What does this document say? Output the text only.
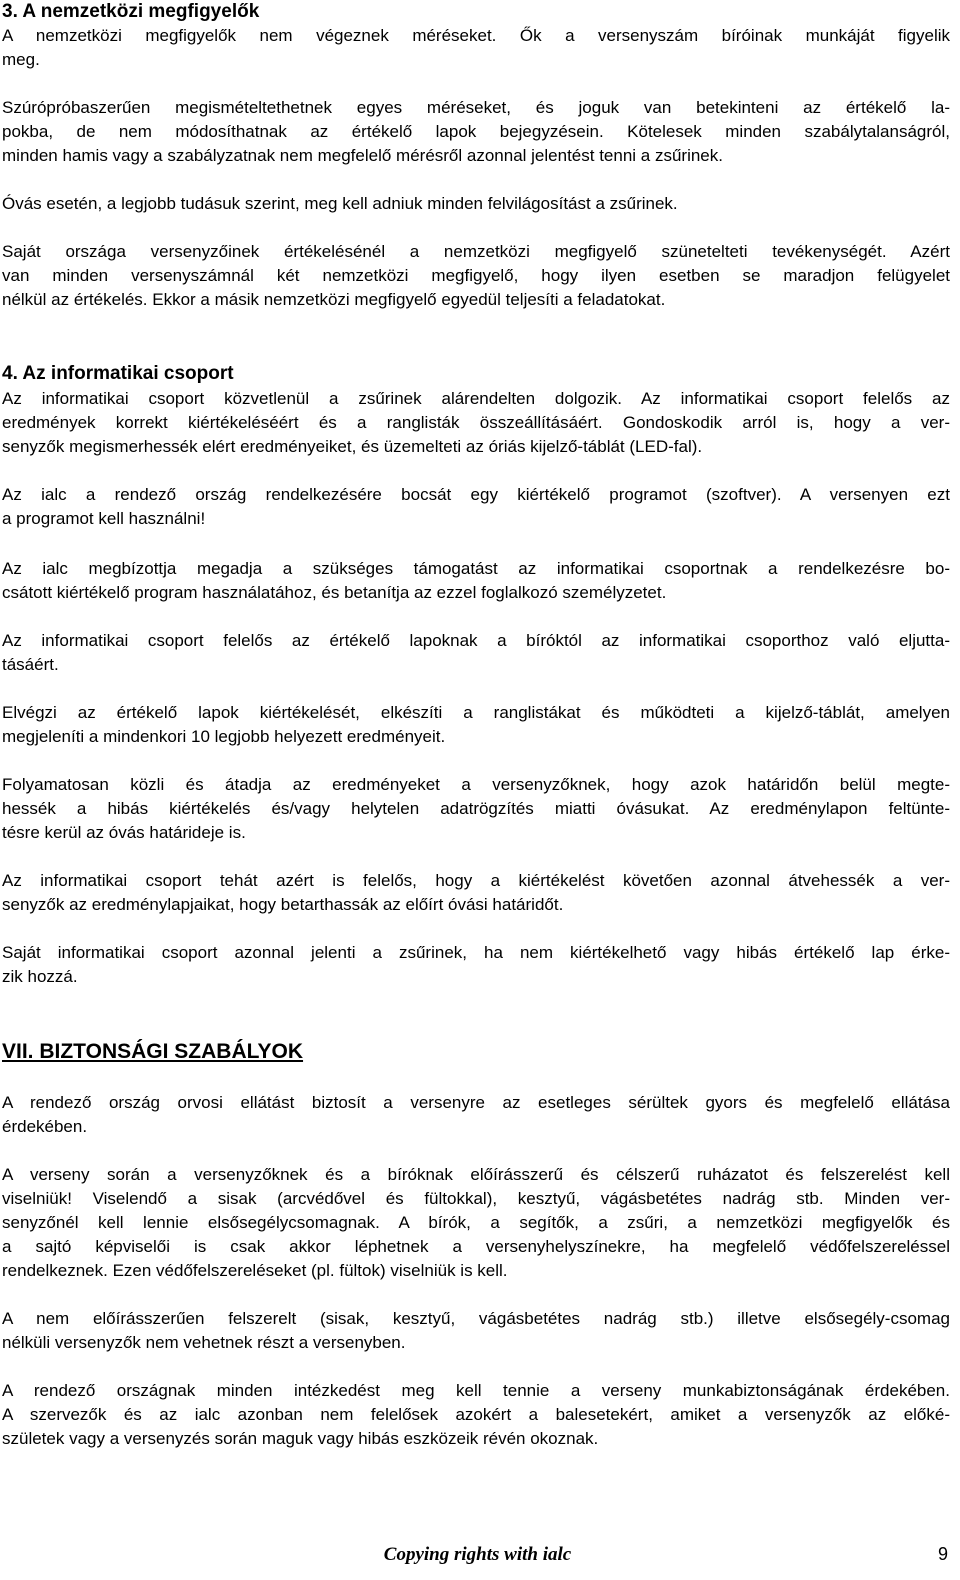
3. A nemzetközi megfigyelők
A nemzetközi megfigyelők nem végeznek méréseket. Ők a versenyszám bíróinak munkáját figyelik
meg.
Szúrópróbaszerűen megismételtethetnek egyes méréseket, és joguk van betekinteni az értékelő la-
pokba, de nem módosíthatnak az értékelő lapok bejegyzésein. Kötelesek minden szabálytalanságról,
minden hamis vagy a szabályzatnak nem megfelelő mérésről azonnal jelentést tenni a zsűrinek.
Óvás esetén, a legjobb tudásuk szerint, meg kell adniuk minden felvilágosítást a zsűrinek.
Saját országa versenyzőinek értékelésénél a nemzetközi megfigyelő szünetelteti tevékenységét. Azért
van minden versenyszámnál két nemzetközi megfigyelő, hogy ilyen esetben se maradjon felügyelet
nélkül az értékelés. Ekkor a másik nemzetközi megfigyelő egyedül teljesíti a feladatokat.
4. Az informatikai csoport
Az informatikai csoport közvetlenül a zsűrinek alárendelten dolgozik. Az informatikai csoport felelős az
eredmények korrekt kiértékeléséért és a ranglisták összeállításáért. Gondoskodik arról is, hogy a ver-
senyzők megismerhessék elért eredményeiket, és üzemelteti az óriás kijelző-táblát (LED-fal).
Az ialc a rendező ország rendelkezésére bocsát egy kiértékelő programot (szoftver). A versenyen ezt
a programot kell használni!
Az ialc megbízottja megadja a szükséges támogatást az informatikai csoportnak a rendelkezésre bo-
csátott kiértékelő program használatához, és betanítja az ezzel foglalkozó személyzetet.
Az informatikai csoport felelős az értékelő lapoknak a bíróktól az informatikai csoporthoz való eljutta-
tásáért.
Elvégzi az értékelő lapok kiértékelését, elkészíti a ranglistákat és működteti a kijelző-táblát, amelyen
megjeleníti a mindenkori 10 legjobb helyezett eredményeit.
Folyamatosan közli és átadja az eredményeket a versenyzőknek, hogy azok határidőn belül megte-
hessék a hibás kiértékelés és/vagy helytelen adatrögzítés miatti óvásukat. Az eredménylapon feltünte-
tésre kerül az óvás határideje is.
Az informatikai csoport tehát azért is felelős, hogy a kiértékelést követően azonnal átvehessék a ver-
senyzők az eredménylapjaikat, hogy betarthassák az előírt óvási határidőt.
Saját informatikai csoport azonnal jelenti a zsűrinek, ha nem kiértékelhető vagy hibás értékelő lap érke-
zik hozzá.
VII. BIZTONSÁGI SZABÁLYOK
A rendező ország orvosi ellátást biztosít a versenyre az esetleges sérültek gyors és megfelelő ellátása
érdekében.
A verseny során a versenyzőknek és a bíróknak előírásszerű és célszerű ruházatot és felszerelést kell
viselniük! Viselendő a sisak (arcvédővel és fültokkal), kesztyű, vágásbetétes nadrág stb. Minden ver-
senyzőnél kell lennie elsősegélycsomagnak. A bírók, a segítők, a zsűri, a nemzetközi megfigyelők és
a sajtó képviselői is csak akkor léphetnek a versenyhelyszínekre, ha megfelelő védőfelszereléssel
rendelkeznek. Ezen védőfelszereléseket (pl. fültok) viselniük is kell.
A nem előírásszerűen felszerelt (sisak, kesztyű, vágásbetétes nadrág stb.) illetve elsősegély-csomag
nélküli versenyzők nem vehetnek részt a versenyben.
A rendező országnak minden intézkedést meg kell tennie a verseny munkabiztonságának érdekében.
A szervezők és az ialc azonban nem felelősek azokért a balesetekért, amiket a versenyzők az előké-
születek vagy a versenyzés során maguk vagy hibás eszközeik révén okoznak.
Copying rights with ialc	9
